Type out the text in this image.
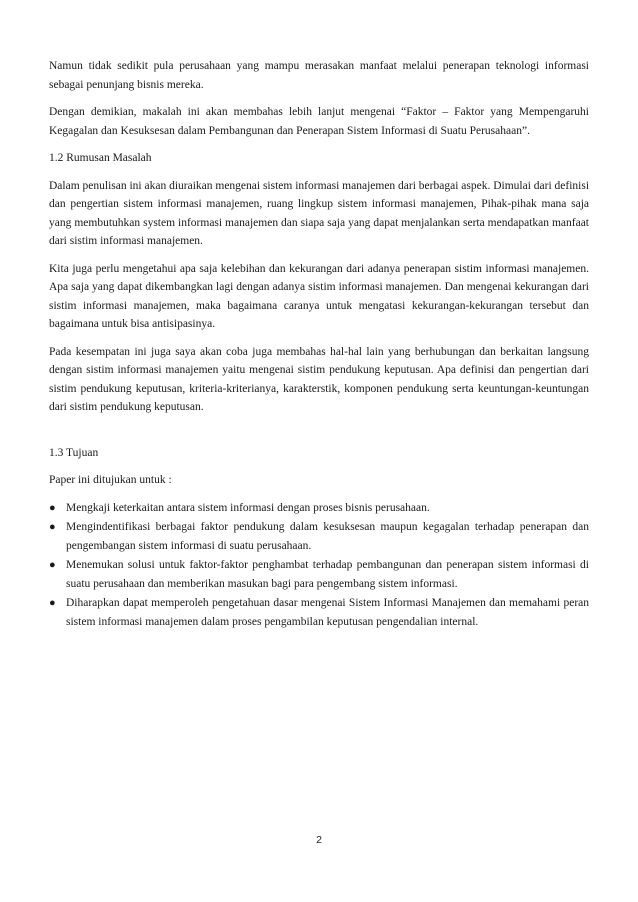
Namun tidak sedikit pula perusahaan yang mampu merasakan manfaat melalui penerapan teknologi informasi sebagai penunjang bisnis mereka.

Dengan demikian, makalah ini akan membahas lebih lanjut mengenai “Faktor – Faktor yang Mempengaruhi Kegagalan dan Kesuksesan dalam Pembangunan dan Penerapan Sistem Informasi di Suatu Perusahaan”.

1.2 Rumusan Masalah

Dalam penulisan ini akan diuraikan mengenai sistem informasi manajemen dari berbagai aspek. Dimulai dari definisi dan pengertian sistem informasi manajemen, ruang lingkup sistem informasi manajemen, Pihak-pihak mana saja yang membutuhkan system informasi manajemen dan siapa saja yang dapat menjalankan serta mendapatkan manfaat dari sistim informasi manajemen.

Kita juga perlu mengetahui apa saja kelebihan dan kekurangan dari adanya penerapan sistim informasi manajemen. Apa saja yang dapat dikembangkan lagi dengan adanya sistim informasi manajemen. Dan mengenai kekurangan dari sistim informasi manajemen, maka bagaimana caranya untuk mengatasi kekurangan-kekurangan tersebut dan bagaimana untuk bisa antisipasinya.

Pada kesempatan ini juga saya akan coba juga membahas hal-hal lain yang berhubungan dan berkaitan langsung dengan sistim informasi manajemen yaitu mengenai sistim pendukung keputusan. Apa definisi dan pengertian dari sistim pendukung keputusan, kriteria-kriterianya, karakterstik, komponen pendukung serta keuntungan-keuntungan dari sistim pendukung keputusan.

1.3 Tujuan

Paper ini ditujukan untuk :

● Mengkaji keterkaitan antara sistem informasi dengan proses bisnis perusahaan.
● Mengindentifikasi berbagai faktor pendukung dalam kesuksesan maupun kegagalan terhadap penerapan dan pengembangan sistem informasi di suatu perusahaan.
● Menemukan solusi untuk faktor-faktor penghambat terhadap pembangunan dan penerapan sistem informasi di suatu perusahaan dan memberikan masukan bagi para pengembang sistem informasi.
● Diharapkan dapat memperoleh pengetahuan dasar mengenai Sistem Informasi Manajemen dan memahami peran sistem informasi manajemen dalam proses pengambilan keputusan pengendalian internal.
2
